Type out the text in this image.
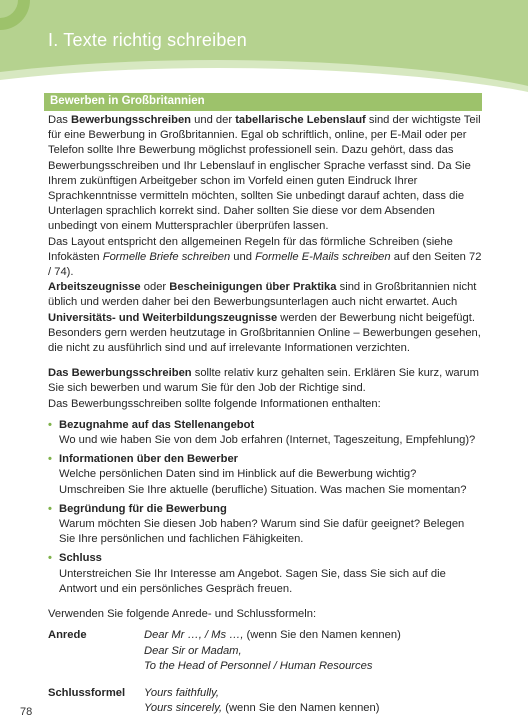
I. Texte richtig schreiben
Bewerben in Großbritannien

Das Bewerbungsschreiben und der tabellarische Lebenslauf sind der wichtigste Teil für eine Bewerbung in Großbritannien. Egal ob schriftlich, online, per E-Mail oder per Telefon sollte Ihre Bewerbung möglichst professionell sein. Dazu gehört, dass das Bewerbungsschreiben und Ihr Lebenslauf in englischer Sprache verfasst sind. Da Sie Ihrem zukünftigen Arbeitgeber schon im Vorfeld einen guten Eindruck Ihrer Sprachkenntnisse vermitteln möchten, sollten Sie unbedingt darauf achten, dass die Unterlagen sprachlich korrekt sind. Daher sollten Sie diese vor dem Absenden unbedingt von einem Muttersprachler überprüfen lassen.

Das Layout entspricht den allgemeinen Regeln für das förmliche Schreiben (siehe Infokästen Formelle Briefe schreiben und Formelle E-Mails schreiben auf den Seiten 72 / 74).

Arbeitszeugnisse oder Bescheinigungen über Praktika sind in Großbritannien nicht üblich und werden daher bei den Bewerbungsunterlagen auch nicht erwartet. Auch Universitäts- und Weiterbildungszeugnisse werden der Bewerbung nicht beigefügt. Besonders gern werden heutzutage in Großbritannien Online – Bewerbungen gesehen, die nicht zu ausführlich sind und auf irrelevante Informationen verzichten.

Das Bewerbungsschreiben sollte relativ kurz gehalten sein. Erklären Sie kurz, warum Sie sich bewerben und warum Sie für den Job der Richtige sind.

Das Bewerbungsschreiben sollte folgende Informationen enthalten:

• Bezugnahme auf das Stellenangebot
Wo und wie haben Sie von dem Job erfahren (Internet, Tageszeitung, Empfehlung)?
• Informationen über den Bewerber
Welche persönlichen Daten sind im Hinblick auf die Bewerbung wichtig? Umschreiben Sie Ihre aktuelle (berufliche) Situation. Was machen Sie momentan?
• Begründung für die Bewerbung
Warum möchten Sie diesen Job haben? Warum sind Sie dafür geeignet? Belegen Sie Ihre persönlichen und fachlichen Fähigkeiten.
• Schluss
Unterstreichen Sie Ihr Interesse am Angebot. Sagen Sie, dass Sie sich auf die Antwort und ein persönliches Gespräch freuen.

Verwenden Sie folgende Anrede- und Schlussformeln:

Anrede	Dear Mr …, / Ms …, (wenn Sie den Namen kennen)
Dear Sir or Madam,
To the Head of Personnel / Human Resources

Schlussformel	Yours faithfully,
Yours sincerely, (wenn Sie den Namen kennen)
78
